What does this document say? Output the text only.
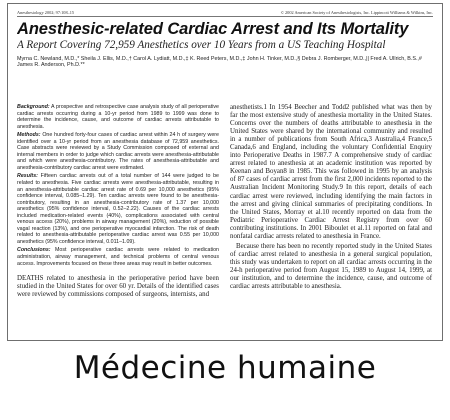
Anesthesiology 2002; 97:108–15	© 2002 American Society of Anesthesiologists, Inc. Lippincott Williams & Wilkins, Inc.
Anesthesic-related Cardiac Arrest and Its Mortality
A Report Covering 72,959 Anesthetics over 10 Years from a US Teaching Hospital
Myrna C. Newland, M.D.,* Sheila J. Ellis, M.D.,† Carol A. Lydiatt, M.D.,‡ K. Reed Peters, M.D.,‡ John H. Tinker, M.D.,§ Debra J. Romberger, M.D.,|| Fred A. Ullrich, B.S.,# James R. Anderson, Ph.D.**

Background: A prospective and retrospective case analysis study of all perioperative cardiac arrests occurring during a 10-yr period from 1989 to 1999 was done to determine the incidence, cause, and outcome of cardiac arrests attributable to anesthesia.

Methods: One hundred forty-four cases of cardiac arrest within 24 h of surgery were identified over a 10-yr period from an anesthesia database of 72,959 anesthetics. Case abstracts were reviewed by a Study Commission composed of external and internal members in order to judge which cardiac arrests were anesthesia-attributable and which were anesthesia-contributory. The rates of anesthesia-attributable and anesthesia-contributory cardiac arrest were estimated.

Results: Fifteen cardiac arrests out of a total number of 144 were judged to be related to anesthesia. Five cardiac arrests were anesthesia-attributable, resulting in an anesthesia-attributable cardiac arrest rate of 0.69 per 10,000 anesthetics (95% confidence interval, 0.085–1.29). Ten cardiac arrests were found to be anesthesia-contributory, resulting in an anesthesia-contributory rate of 1.37 per 10,000 anesthetics (95% confidence interval, 0.52–2.22). Causes of the cardiac arrests included medication-related events (40%), complications associated with central venous access (20%), problems in airway management (20%), reduction of possible vagal reaction (13%), and one perioperative myocardial infarction. The risk of death related to anesthesia-attributable perioperative cardiac arrest was 0.55 per 10,000 anesthetics (95% confidence interval, 0.011–1.09).

Conclusions: Most perioperative cardiac arrests were related to medication administration, airway management, and technical problems of central venous access. Improvements focused on these three areas may result in better outcomes.

DEATHS related to anesthesia in the perioperative period have been studied in the United States for over 60 yr. Details of the identified cases were reviewed by commissions composed of surgeons, internists, and

anesthetists.1 In 1954 Beecher and Todd2 published what was then by far the most extensive study of anesthesia mortality in the United States. Concerns over the numbers of deaths attributable to anesthesia in the United States were shared by the international community and resulted in a number of publications from South Africa,3 Australia,4 France,5 Canada,6 and England, including the voluntary Confidential Enquiry into Perioperative Deaths in 1987.7 A comprehensive study of cardiac arrest related to anesthesia at an academic institution was reported by Keenan and Boyan8 in 1985. This was followed in 1995 by an analysis of 87 cases of cardiac arrest from the first 2,000 incidents reported to the Australian Incident Monitoring Study.9 In this report, details of each cardiac arrest were reviewed, including identifying the main factors in the arrest and giving clinical summaries of precipitating conditions. In the United States, Morray et al.10 recently reported on data from the Pediatric Perioperative Cardiac Arrest Registry from over 60 contributing institutions. In 2001 Biboulet et al.11 reported on fatal and nonfatal cardiac arrests related to anesthesia in France.

Because there has been no recently reported study in the United States of cardiac arrest related to anesthesia in a general surgical population, this study was undertaken to report on all cardiac arrests occurring in the 24-h perioperative period from August 15, 1989 to August 14, 1999, at our institution, and to determine the incidence, cause, and outcome of cardiac arrests attributable to anesthesia.

Médecine humaine
